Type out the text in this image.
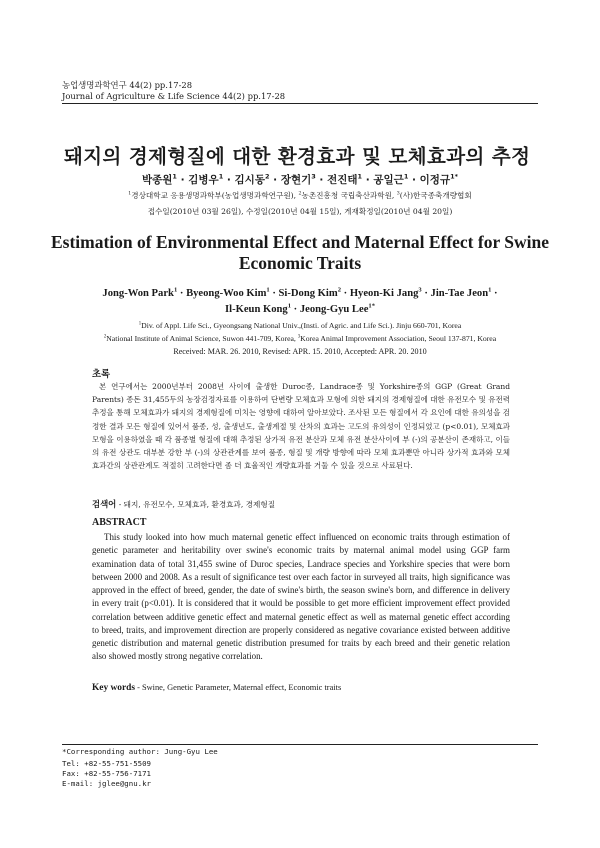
농업생명과학연구 44(2) pp.17-28
Journal of Agriculture & Life Science 44(2) pp.17-28
돼지의 경제형질에 대한 환경효과 및 모체효과의 추정
박종원$^1$ · 김병우$^1$ · 김시동$^2$ · 장현기$^3$ · 전진태$^1$ · 공일근$^1$ · 이정규$^{1*}$
$^1$경상대학교 응용생명과학부(농업생명과학연구원), $^2$농촌진흥청 국립축산과학원, $^3$(사)한국종축개량협회
접수일(2010년 03월 26일), 수정일(2010년 04월 15일), 게재확정일(2010년 04월 20일)
Estimation of Environmental Effect and Maternal Effect for Swine
Economic Traits
Jong-Won Park$^1$ · Byeong-Woo Kim$^1$ · Si-Dong Kim$^2$ · Hyeon-Ki Jang$^3$ · Jin-Tae Jeon$^1$ ·
Il-Keun Kong$^1$ · Jeong-Gyu Lee$^{1*}$
$^1$Div. of Appl. Life Sci., Gyeongsang National Univ.,(Insti. of Agric. and Life Sci.). Jinju 660-701, Korea
$^2$National Institute of Animal Science, Suwon 441-709, Korea, $^3$Korea Animal Improvement Association, Seoul 137-871, Korea
Received: MAR. 26. 2010, Revised: APR. 15. 2010, Accepted: APR. 20. 2010
초록

본 연구에서는 2000년부터 2008년 사이에 출생한 Duroc종, Landrace종 및 Yorkshire종의 GGP (Great Grand Parents) 종돈 31,455두의 농장검정자료를 이용하여 단변량 모체효과 모형에 의한 돼지의 경제형질에 대한 유전모수 및 유전력 추정을 통해 모체효과가 돼지의 경제형질에 미치는 영향에 대하여 알아보았다. 조사된 모든 형질에서 각 요인에 대한 유의성을 검정한 결과 모든 형질에 있어서 품종, 성, 출생년도, 출생계절 및 산차의 효과는 고도의 유의성이 인정되었고 (p<0.01), 모체효과 모형을 이용하였을 때 각 품종별 형질에 대해 추정된 상가적 유전 분산과 모체 유전 분산사이에 부 (-)의 공분산이 존재하고, 이들의 유전 상관도 대부분 강한 부 (-)의 상관관계를 보여 품종, 형질 및 개량 방향에 따라 모체 효과뿐만 아니라 상가적 효과와 모체 효과간의 상관관계도 적절히 고려한다면 좀 더 효율적인 개량효과를 거둘 수 있을 것으로 사료된다.

검색어 - 돼지, 유전모수, 모체효과, 환경효과, 경제형질
ABSTRACT

This study looked into how much maternal genetic effect influenced on economic traits through estimation of genetic parameter and heritability over swine's economic traits by maternal animal model using GGP farm examination data of total 31,455 swine of Duroc species, Landrace species and Yorkshire species that were born between 2000 and 2008. As a result of significance test over each factor in surveyed all traits, high significance was approved in the effect of breed, gender, the date of swine's birth, the season swine's born, and difference in delivery in every trait (p<0.01). It is considered that it would be possible to get more efficient improvement effect provided correlation between additive genetic effect and maternal genetic effect as well as maternal genetic effect according to breed, traits, and improvement direction are properly considered as negative covariance existed between additive genetic distribution and maternal genetic distribution presumed for traits by each breed and their genetic relation also showed mostly strong negative correlation.

Key words - Swine, Genetic Parameter, Maternal effect, Economic traits
*Corresponding author: Jung-Gyu Lee
Tel: +82-55-751-5509
Fax: +82-55-756-7171
E-mail: jglee@gnu.kr
